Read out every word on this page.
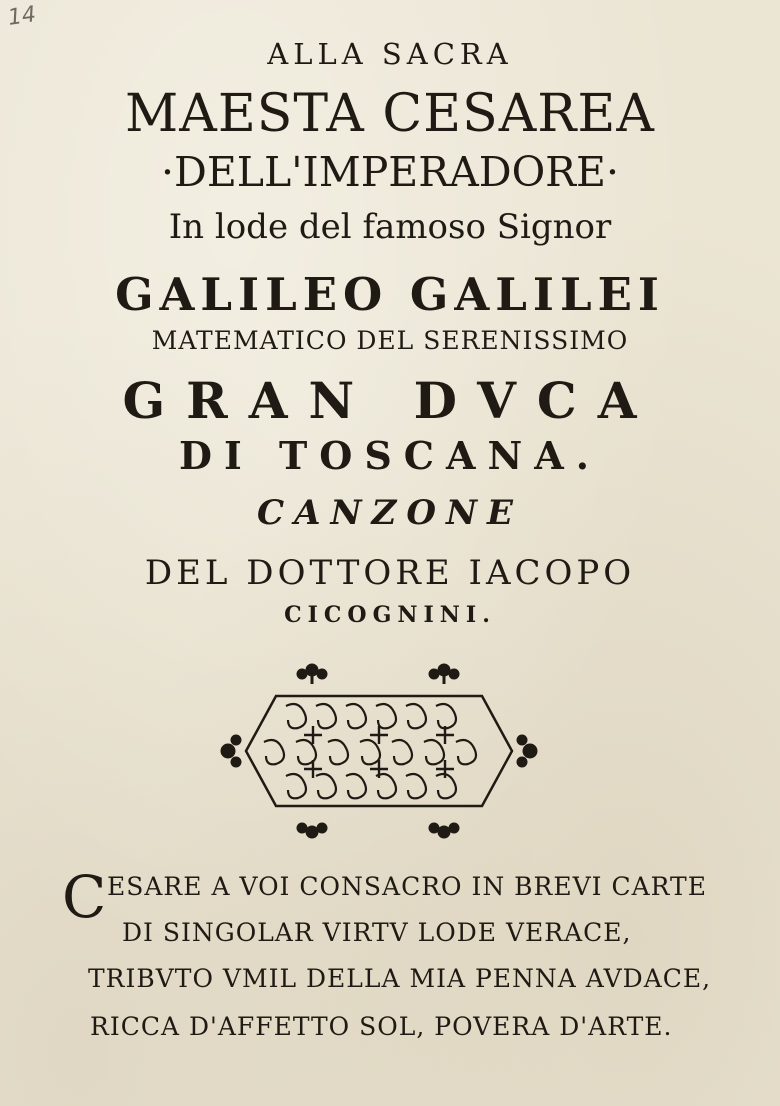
14
ALLA SACRA
MAESTA CESAREA
·DELL'IMPERADORE·
In lode del famoso Signor
GALILEO GALILEI
MATEMATICO DEL SERENISSIMO
GRAN DVCA
DI TOSCANA.
CANZONE
DEL DOTTORE IACOPO
CICOGNINI.
C ESARE A VOI CONSACRO IN BREVI CARTE
DI SINGOLAR VIRTV LODE VERACE,
TRIBVTO VMIL DELLA MIA PENNA AVDACE,
RICCA D'AFFETTO SOL, POVERA D'ARTE.
